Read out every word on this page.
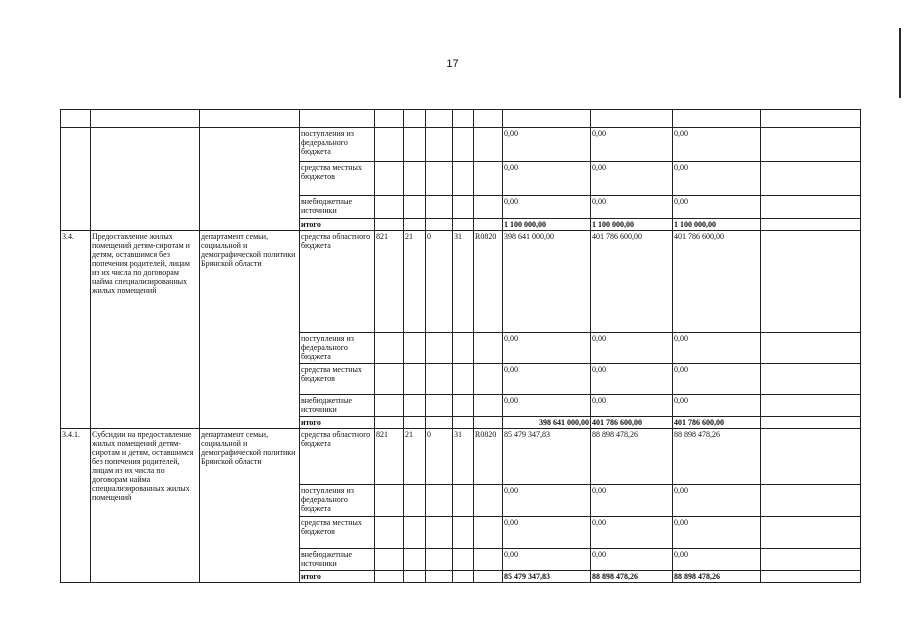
17

			поступления из федерального бюджета						0,00	0,00	0,00	
			средства местных бюджетов						0,00	0,00	0,00	
			внебюджетные источники						0,00	0,00	0,00	
			итого						1 100 000,00	1 100 000,00	1 100 000,00	
3.4.	Предоставление жилых помещений детям-сиротам и детям, оставшимся без попечения родителей, лицам из их числа по договорам найма специализированных жилых помещений	департамент семьи, социальной и демографической политики Брянской области	средства областного бюджета	821	21	0	31	R0820	398 641 000,00	401 786 600,00	401 786 600,00	
			поступления из федерального бюджета						0,00	0,00	0,00	
			средства местных бюджетов						0,00	0,00	0,00	
			внебюджетные источники						0,00	0,00	0,00	
			итого						398 641 000,00	401 786 600,00	401 786 600,00	
3.4.1.	Субсидии на предоставление жилых помещений детям-сиротам и детям, оставшимся без попечения родителей, лицам из их числа по договорам найма специализированных жилых помещений	департамент семьи, социальной и демографической политики Брянской области	средства областного бюджета	821	21	0	31	R0820	85 479 347,83	88 898 478,26	88 898 478,26	
			поступления из федерального бюджета						0,00	0,00	0,00	
			средства местных бюджетов						0,00	0,00	0,00	
			внебюджетные источники						0,00	0,00	0,00	
			итого						85 479 347,83	88 898 478,26	88 898 478,26	
